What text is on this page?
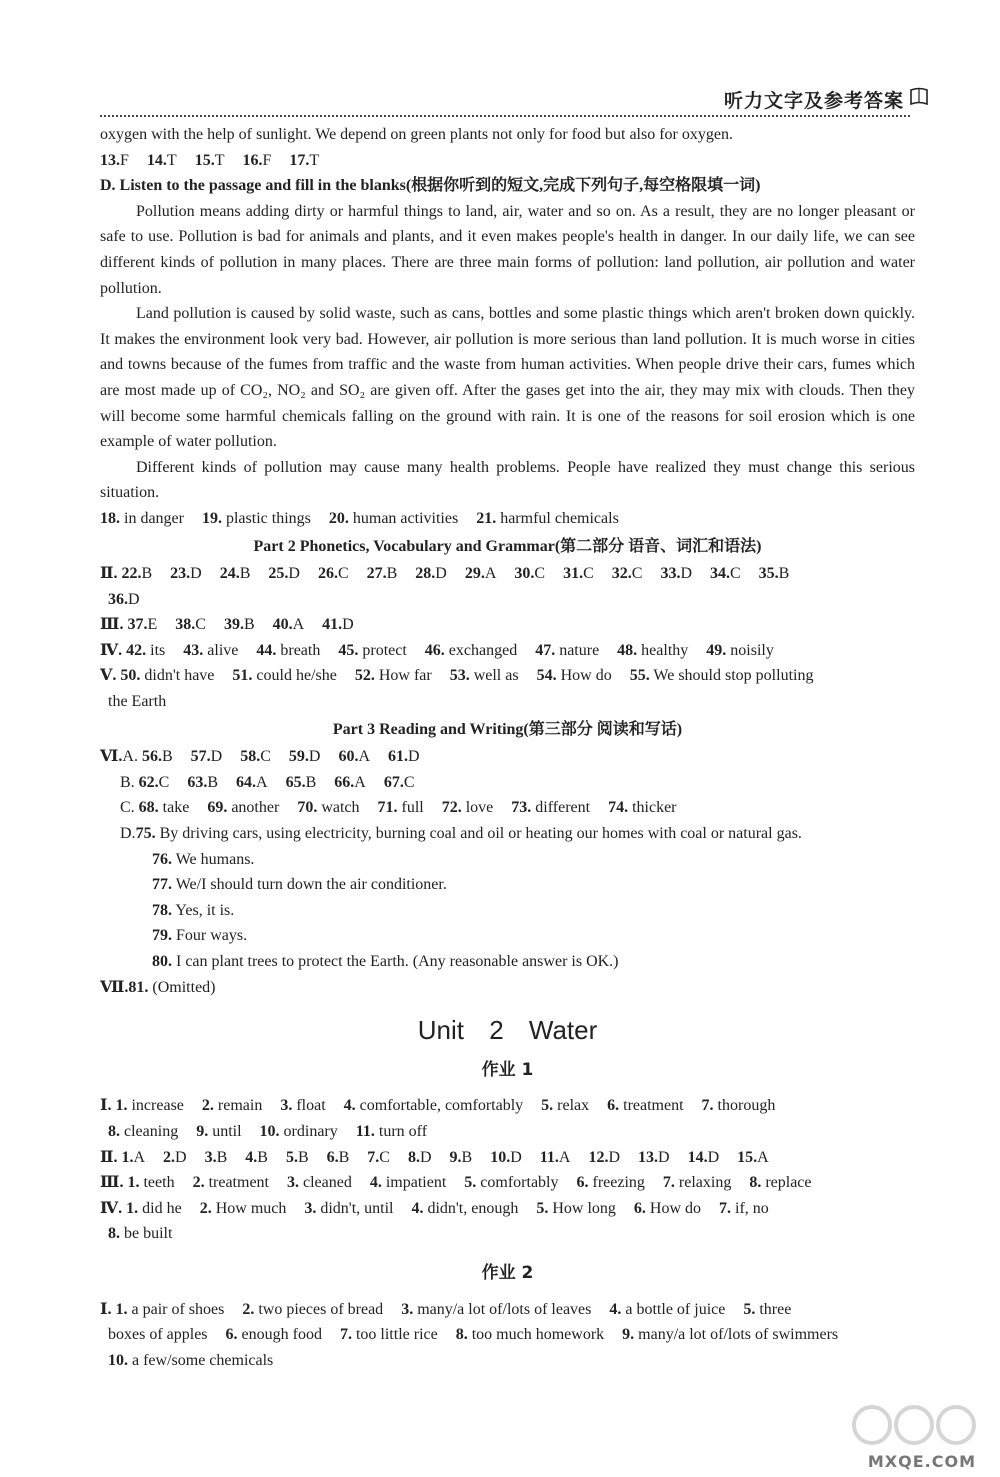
听力文字及参考答案
oxygen with the help of sunlight. We depend on green plants not only for food but also for oxygen.
13.F 14.T 15.T 16.F 17.T
D. Listen to the passage and fill in the blanks(根据你听到的短文,完成下列句子,每空格限填一词)
Pollution means adding dirty or harmful things to land, air, water and so on. As a result, they are no longer pleasant or safe to use. Pollution is bad for animals and plants, and it even makes people's health in danger. In our daily life, we can see different kinds of pollution in many places. There are three main forms of pollution: land pollution, air pollution and water pollution.
Land pollution is caused by solid waste, such as cans, bottles and some plastic things which aren't broken down quickly. It makes the environment look very bad. However, air pollution is more serious than land pollution. It is much worse in cities and towns because of the fumes from traffic and the waste from human activities. When people drive their cars, fumes which are most made up of CO₂, NO₂ and SO₂ are given off. After the gases get into the air, they may mix with clouds. Then they will become some harmful chemicals falling on the ground with rain. It is one of the reasons for soil erosion which is one example of water pollution.
Different kinds of pollution may cause many health problems. People have realized they must change this serious situation.
18. in danger 19. plastic things 20. human activities 21. harmful chemicals
Part 2 Phonetics, Vocabulary and Grammar(第二部分 语音、词汇和语法)
Ⅱ. 22.B 23.D 24.B 25.D 26.C 27.B 28.D 29.A 30.C 31.C 32.C 33.D 34.C 35.B
36.D
Ⅲ. 37.E 38.C 39.B 40.A 41.D
Ⅳ. 42. its 43. alive 44. breath 45. protect 46. exchanged 47. nature 48. healthy 49. noisily
Ⅴ. 50. didn't have 51. could he/she 52. How far 53. well as 54. How do 55. We should stop polluting
the Earth
Part 3 Reading and Writing(第三部分 阅读和写话)
Ⅵ.A. 56.B 57.D 58.C 59.D 60.A 61.D
B. 62.C 63.B 64.A 65.B 66.A 67.C
C. 68. take 69. another 70. watch 71. full 72. love 73. different 74. thicker
D.75. By driving cars, using electricity, burning coal and oil or heating our homes with coal or natural gas.
76. We humans.
77. We/I should turn down the air conditioner.
78. Yes, it is.
79. Four ways.
80. I can plant trees to protect the Earth. (Any reasonable answer is OK.)
Ⅶ.81. (Omitted)
Unit 2 Water
作业 1
Ⅰ. 1. increase 2. remain 3. float 4. comfortable, comfortably 5. relax 6. treatment 7. thorough
8. cleaning 9. until 10. ordinary 11. turn off
Ⅱ. 1.A 2.D 3.B 4.B 5.B 6.B 7.C 8.D 9.B 10.D 11.A 12.D 13.D 14.D 15.A
Ⅲ. 1. teeth 2. treatment 3. cleaned 4. impatient 5. comfortably 6. freezing 7. relaxing 8. replace
Ⅳ. 1. did he 2. How much 3. didn't, until 4. didn't, enough 5. How long 6. How do 7. if, no
8. be built
作业 2
Ⅰ. 1. a pair of shoes 2. two pieces of bread 3. many/a lot of/lots of leaves 4. a bottle of juice 5. three
boxes of apples 6. enough food 7. too little rice 8. too much homework 9. many/a lot of/lots of swimmers
10. a few/some chemicals
MXQE.COM
